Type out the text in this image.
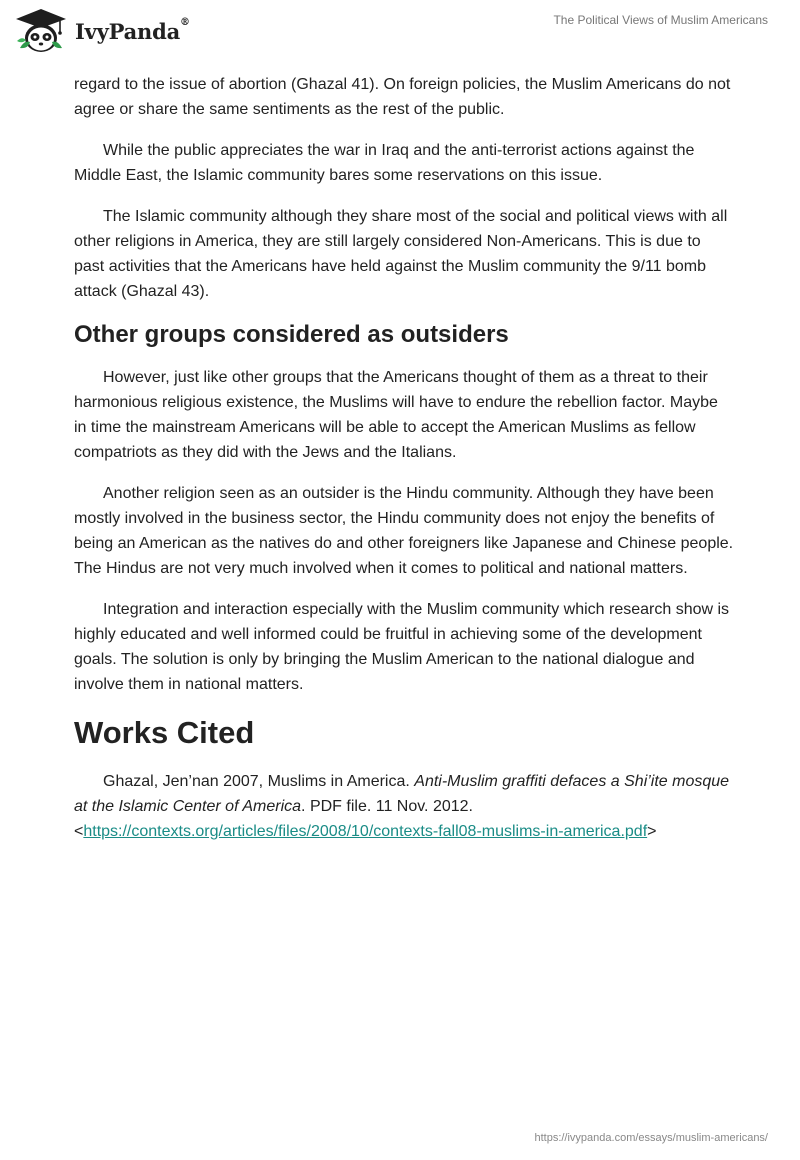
IvyPanda®	The Political Views of Muslim Americans

regard to the issue of abortion (Ghazal 41). On foreign policies, the Muslim Americans do not agree or share the same sentiments as the rest of the public.

While the public appreciates the war in Iraq and the anti-terrorist actions against the Middle East, the Islamic community bares some reservations on this issue.

The Islamic community although they share most of the social and political views with all other religions in America, they are still largely considered Non-Americans. This is due to past activities that the Americans have held against the Muslim community the 9/11 bomb attack (Ghazal 43).

Other groups considered as outsiders

However, just like other groups that the Americans thought of them as a threat to their harmonious religious existence, the Muslims will have to endure the rebellion factor. Maybe in time the mainstream Americans will be able to accept the American Muslims as fellow compatriots as they did with the Jews and the Italians.

Another religion seen as an outsider is the Hindu community. Although they have been mostly involved in the business sector, the Hindu community does not enjoy the benefits of being an American as the natives do and other foreigners like Japanese and Chinese people. The Hindus are not very much involved when it comes to political and national matters.

Integration and interaction especially with the Muslim community which research show is highly educated and well informed could be fruitful in achieving some of the development goals. The solution is only by bringing the Muslim American to the national dialogue and involve them in national matters.

Works Cited

Ghazal, Jen’nan 2007, Muslims in America. Anti-Muslim graffiti defaces a Shi’ite mosque at the Islamic Center of America. PDF file. 11 Nov. 2012. <https://contexts.org/articles/files/2008/10/contexts-fall08-muslims-in-america.pdf>

https://ivypanda.com/essays/muslim-americans/
